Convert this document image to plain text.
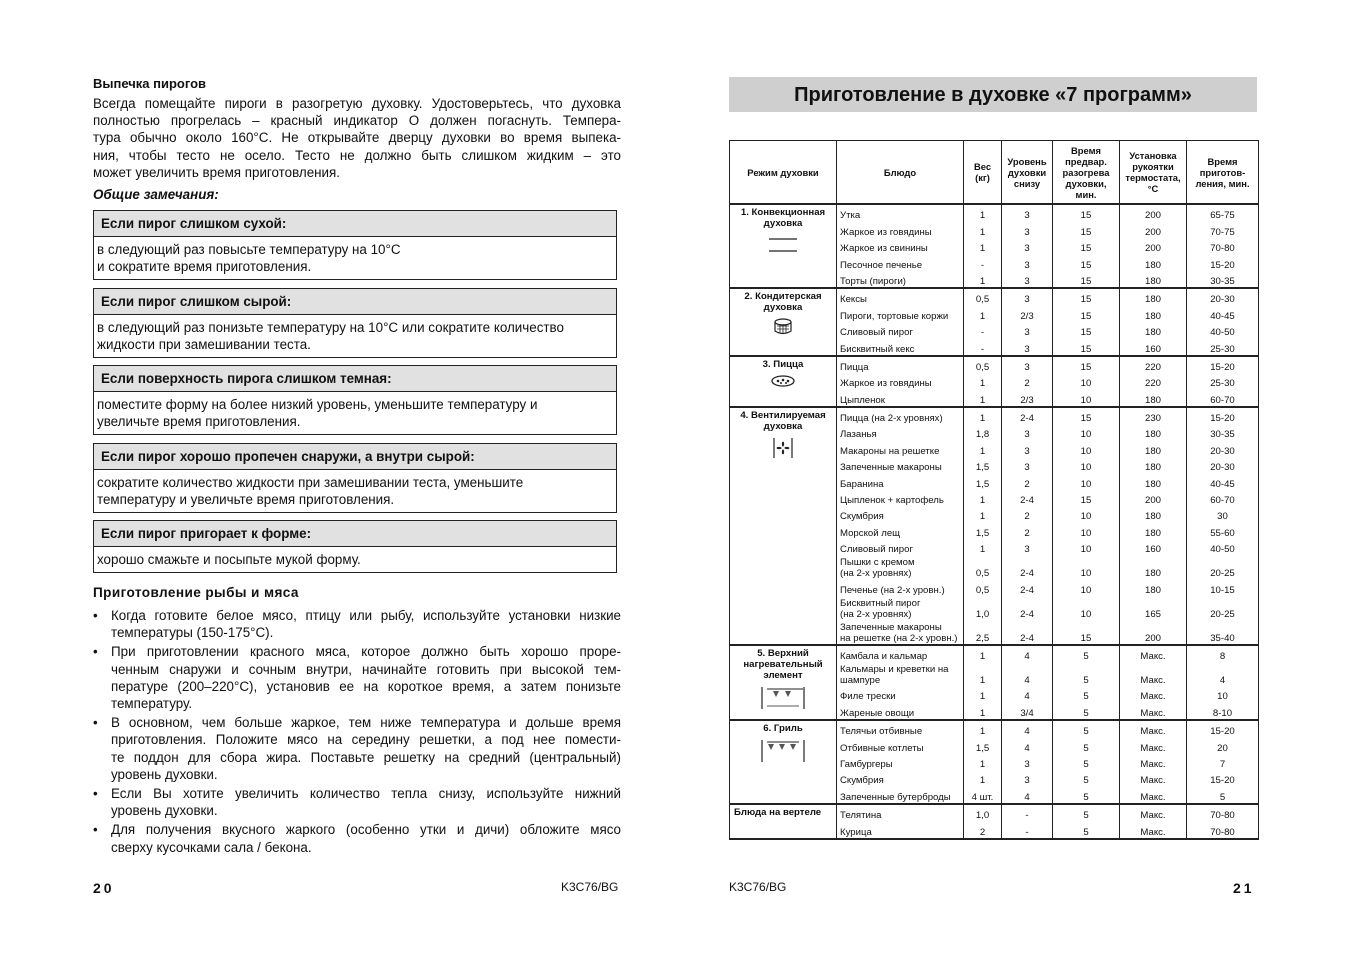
Выпечка пирогов
Всегда помещайте пироги в разогретую духовку. Удостоверьтесь, что духовка
полностью прогрелась – красный индикатор O должен погаснуть. Темпера-
тура обычно около 160°C. Не открывайте дверцу духовки во время выпека-
ния, чтобы тесто не осело. Тесто не должно быть слишком жидким – это
может увеличить время приготовления.
Общие замечания:
Если пирог слишком сухой:
в следующий раз повысьте температуру на 10°C
и сократите время приготовления.
Если пирог слишком сырой:
в следующий раз понизьте температуру на 10°C или сократите количество
жидкости при замешивании теста.
Если поверхность пирога слишком темная:
поместите форму на более низкий уровень, уменьшите температуру и
увеличьте время приготовления.
Если пирог хорошо пропечен снаружи, а внутри сырой:
сократите количество жидкости при замешивании теста, уменьшите
температуру и увеличьте время приготовления.
Если пирог пригорает к форме:
хорошо смажьте и посыпьте мукой форму.
Приготовление рыбы и мяса
• Когда готовите белое мясо, птицу или рыбу, используйте установки низкие
температуры (150-175°C).
• При приготовлении красного мяса, которое должно быть хорошо прope-
ченным снаружи и сочным внутри, начинайте готовить при высокой тем-
пературе (200–220°C), установив ее на короткое время, а затем понизьте
температуру.
• В основном, чем больше жаркое, тем ниже температура и дольше время
приготовления. Положите мясо на середину решетки, а под нее помести-
те поддон для сбора жира. Поставьте решетку на средний (центральный)
уровень духовки.
• Если Вы хотите увеличить количество тепла снизу, используйте нижний
уровень духовки.
• Для получения вкусного жаркого (особенно утки и дичи) обложите мясо
сверху кусочками сала / бекона.
20	K3C76/BG
Приготовление в духовке «7 программ»
Режим духовки	Блюдо	Вес (кг)	Уровень духовки снизу	Время предвар. разогрева духовки, мин.	Установка рукоятки термостата, °C	Время приготов-ления, мин.

1. Конвекционная духовка	Утка	1	3	15	200	65-75
	Жаркое из говядины	1	3	15	200	70-75
	Жаркое из свинины	1	3	15	200	70-80
	Песочное печенье	-	3	15	180	15-20
	Торты (пироги)	1	3	15	180	30-35

2. Кондитерская духовка	Кексы	0,5	3	15	180	20-30
	Пироги, тортовые коржи	1	2/3	15	180	40-45
	Сливовый пирог	-	3	15	180	40-50
	Бисквитный кекс	-	3	15	160	25-30

3. Пицца	Пицца	0,5	3	15	220	15-20
	Жаркое из говядины	1	2	10	220	25-30
	Цыпленок	1	2/3	10	180	60-70

4. Вентилируемая духовка	Пицца (на 2-х уровнях)	1	2-4	15	230	15-20
	Лазанья	1,8	3	10	180	30-35
	Макароны на решетке	1	3	10	180	20-30
	Запеченные макароны	1,5	3	10	180	20-30
	Баранина	1,5	2	10	180	40-45
	Цыпленок + картофель	1	2-4	15	200	60-70
	Скумбрия	1	2	10	180	30
	Морской лещ	1,5	2	10	180	55-60
	Сливовый пирог	1	3	10	160	40-50

	Пышки с кремом
(на 2-х уровнях)	0,5	2-4	10	180	20-25
	Печенье (на 2-х уровн.)	0,5	2-4	10	180	10-15

	Бисквитный пирог
(на 2-х уровнях)	1,0	2-4	10	165	20-25

	Запеченные макароны
на решетке (на 2-х уровн.)	2,5	2-4	15	200	35-40

5. Верхний нагревательный элемент	Камбала и кальмар	1	4	5	Макс.	8

	Кальмары и креветки на
шампуре	1	4	5	Макс.	4
	Филе трески	1	4	5	Макс.	10
	Жареные овощи	1	3/4	5	Макс.	8-10

6. Гриль	Телячьи отбивные	1	4	5	Макс.	15-20
	Отбивные котлеты	1,5	4	5	Макс.	20
	Гамбургеры	1	3	5	Макс.	7
	Скумбрия	1	3	5	Макс.	15-20
	Запеченные бутерброды	4 шт.	4	5	Макс.	5

Блюда на вертеле	Телятина	1,0	-	5	Макс.	70-80
	Курица	2	-	5	Макс.	70-80
K3C76/BG	21
